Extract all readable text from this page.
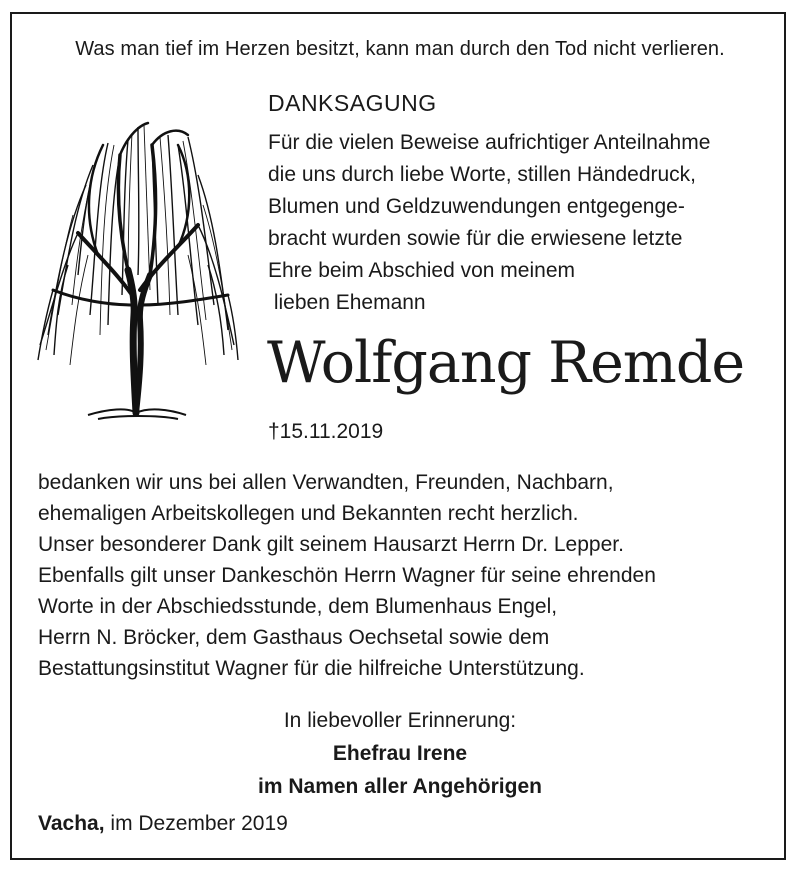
Was man tief im Herzen besitzt, kann man durch den Tod nicht verlieren.
DANKSAGUNG
Für die vielen Beweise aufrichtiger Anteilnahme
die uns durch liebe Worte, stillen Händedruck,
Blumen und Geldzuwendungen entgegenge-
bracht wurden sowie für die erwiesene letzte
Ehre beim Abschied von meinem
lieben Ehemann
Wolfgang Remde
†15.11.2019
bedanken wir uns bei allen Verwandten, Freunden, Nachbarn,
ehemaligen Arbeitskollegen und Bekannten recht herzlich.
Unser besonderer Dank gilt seinem Hausarzt Herrn Dr. Lepper.
Ebenfalls gilt unser Dankeschön Herrn Wagner für seine ehrenden
Worte in der Abschiedsstunde, dem Blumenhaus Engel,
Herrn N. Bröcker, dem Gasthaus Oechsetal sowie dem
Bestattungsinstitut Wagner für die hilfreiche Unterstützung.
In liebevoller Erinnerung:
Ehefrau Irene
im Namen aller Angehörigen
Vacha, im Dezember 2019
